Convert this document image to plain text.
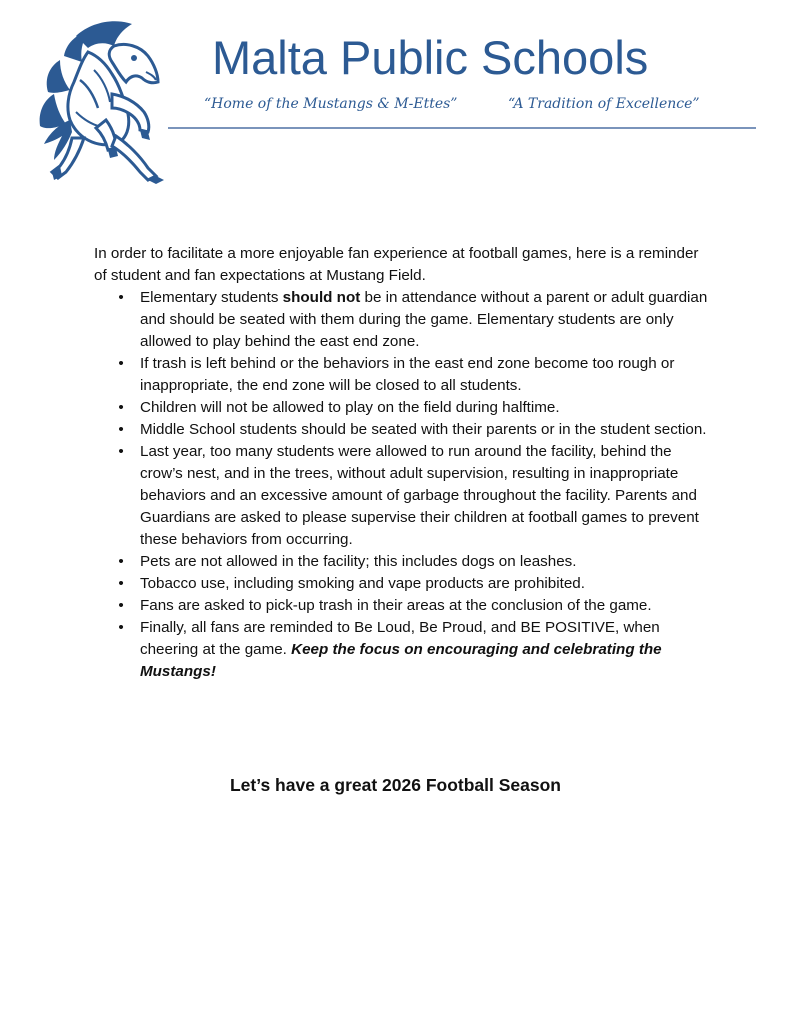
Malta Public Schools
“Home of the Mustangs & M-Ettes”	“A Tradition of Excellence”

In order to facilitate a more enjoyable fan experience at football games, here is a reminder of student and fan expectations at Mustang Field.

• Elementary students should not be in attendance without a parent or adult guardian and should be seated with them during the game. Elementary students are only allowed to play behind the east end zone.
• If trash is left behind or the behaviors in the east end zone become too rough or inappropriate, the end zone will be closed to all students.
• Children will not be allowed to play on the field during halftime.
• Middle School students should be seated with their parents or in the student section.
• Last year, too many students were allowed to run around the facility, behind the crow’s nest, and in the trees, without adult supervision, resulting in inappropriate behaviors and an excessive amount of garbage throughout the facility. Parents and Guardians are asked to please supervise their children at football games to prevent these behaviors from occurring.
• Pets are not allowed in the facility; this includes dogs on leashes.
• Tobacco use, including smoking and vape products are prohibited.
• Fans are asked to pick-up trash in their areas at the conclusion of the game.
• Finally, all fans are reminded to Be Loud, Be Proud, and BE POSITIVE, when cheering at the game. Keep the focus on encouraging and celebrating the Mustangs!
Let’s have a great 2026 Football Season
